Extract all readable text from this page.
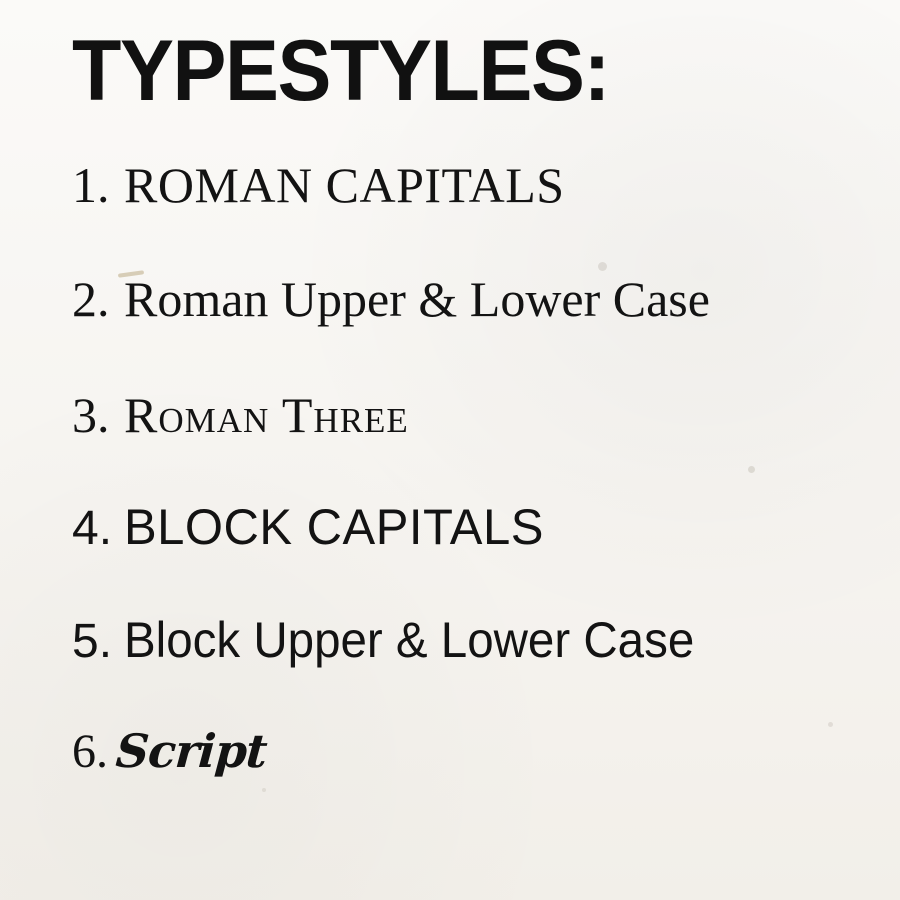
TYPESTYLES:
1. ROMAN CAPITALS
2. Roman Upper & Lower Case
3. Roman Three
4. BLOCK CAPITALS
5. Block Upper & Lower Case
6. Script
